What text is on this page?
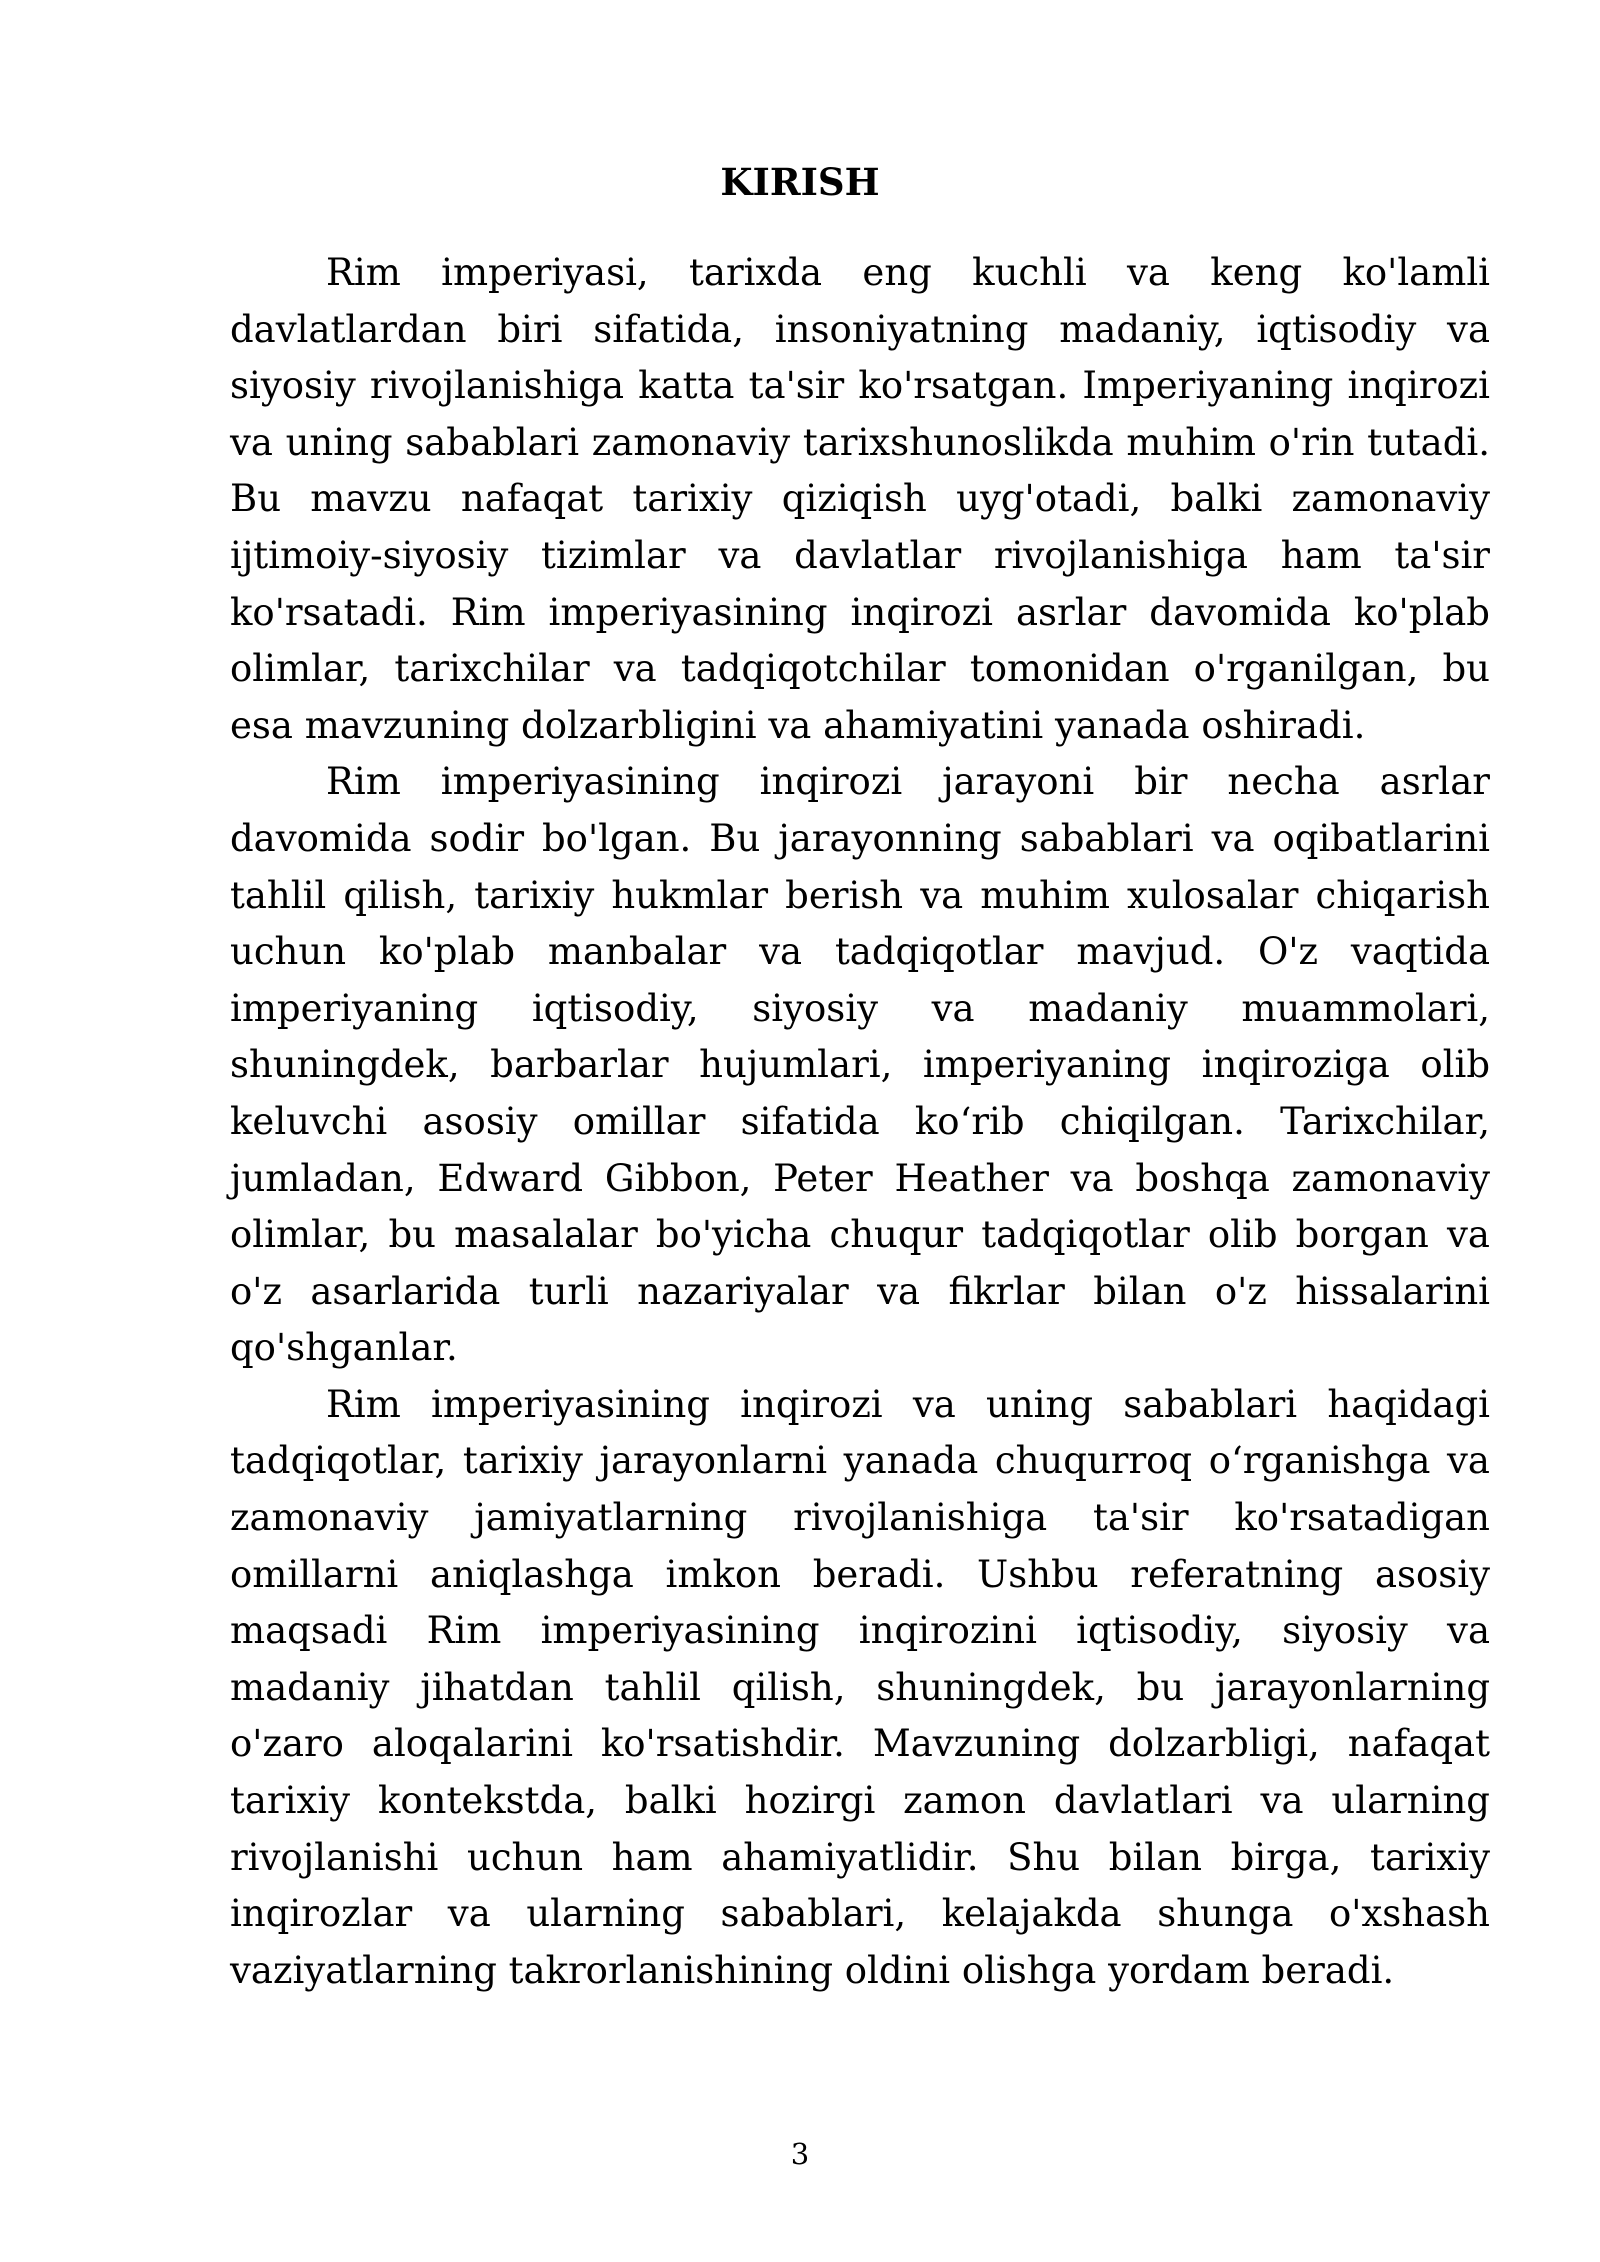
KIRISH

Rim imperiyasi, tarixda eng kuchli va keng ko'lamli davlatlardan biri sifatida, insoniyatning madaniy, iqtisodiy va siyosiy rivojlanishiga katta ta'sir ko'rsatgan. Imperiyaning inqirozi va uning sabablari zamonaviy tarixshunoslikda muhim o'rin tutadi. Bu mavzu nafaqat tarixiy qiziqish uyg'otadi, balki zamonaviy ijtimoiy-siyosiy tizimlar va davlatlar rivojlanishiga ham ta'sir ko'rsatadi. Rim imperiyasining inqirozi asrlar davomida ko'plab olimlar, tarixchilar va tadqiqotchilar tomonidan o'rganilgan, bu esa mavzuning dolzarbligini va ahamiyatini yanada oshiradi.

Rim imperiyasining inqirozi jarayoni bir necha asrlar davomida sodir bo'lgan. Bu jarayonning sabablari va oqibatlarini tahlil qilish, tarixiy hukmlar berish va muhim xulosalar chiqarish uchun ko'plab manbalar va tadqiqotlar mavjud. O'z vaqtida imperiyaning iqtisodiy, siyosiy va madaniy muammolari, shuningdek, barbarlar hujumlari, imperiyaning inqiroziga olib keluvchi asosiy omillar sifatida ko‘rib chiqilgan. Tarixchilar, jumladan, Edward Gibbon, Peter Heather va boshqa zamonaviy olimlar, bu masalalar bo'yicha chuqur tadqiqotlar olib borgan va o'z asarlarida turli nazariyalar va fikrlar bilan o'z hissalarini qo'shganlar.

Rim imperiyasining inqirozi va uning sabablari haqidagi tadqiqotlar, tarixiy jarayonlarni yanada chuqurroq o‘rganishga va zamonaviy jamiyatlarning rivojlanishiga ta'sir ko'rsatadigan omillarni aniqlashga imkon beradi. Ushbu referatning asosiy maqsadi Rim imperiyasining inqirozini iqtisodiy, siyosiy va madaniy jihatdan tahlil qilish, shuningdek, bu jarayonlarning o'zaro aloqalarini ko'rsatishdir. Mavzuning dolzarbligi, nafaqat tarixiy kontekstda, balki hozirgi zamon davlatlari va ularning rivojlanishi uchun ham ahamiyatlidir. Shu bilan birga, tarixiy inqirozlar va ularning sabablari, kelajakda shunga o'xshash vaziyatlarning takrorlanishining oldini olishga yordam beradi.

3
